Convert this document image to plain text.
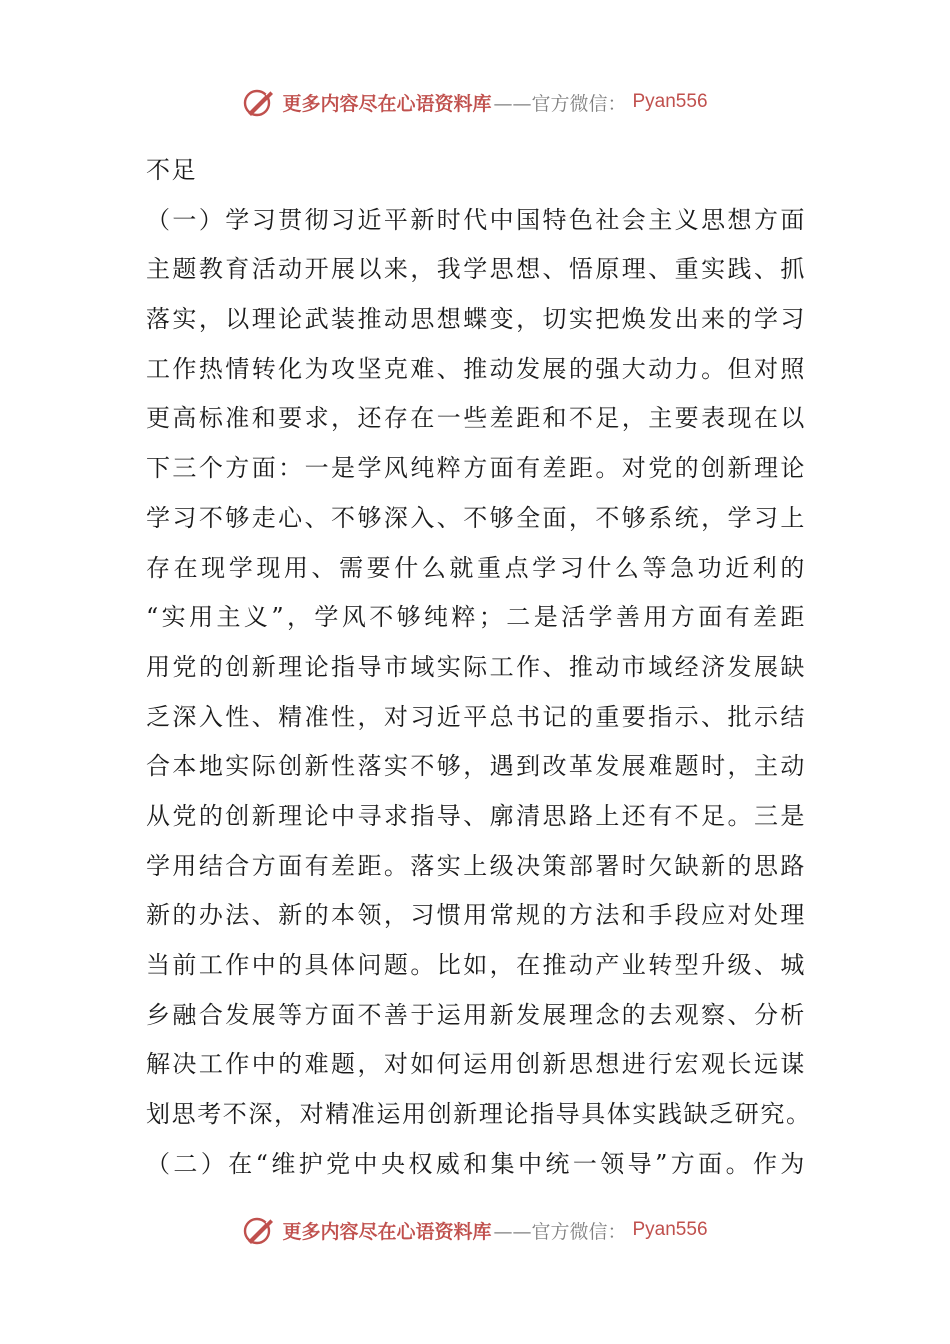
更多内容尽在心语资料库 ——官方微信： Pyan556
不足
（一）学习贯彻习近平新时代中国特色社会主义思想方面
主题教育活动开展以来，我学思想、悟原理、重实践、抓
落实，以理论武装推动思想蝶变，切实把焕发出来的学习
工作热情转化为攻坚克难、推动发展的强大动力。但对照
更高标准和要求，还存在一些差距和不足，主要表现在以
下三个方面：一是学风纯粹方面有差距。对党的创新理论
学习不够走心、不够深入、不够全面，不够系统，学习上
存在现学现用、需要什么就重点学习什么等急功近利的
“实用主义”，学风不够纯粹；二是活学善用方面有差距
用党的创新理论指导市域实际工作、推动市域经济发展缺
乏深入性、精准性，对习近平总书记的重要指示、批示结
合本地实际创新性落实不够，遇到改革发展难题时，主动
从党的创新理论中寻求指导、廓清思路上还有不足。三是
学用结合方面有差距。落实上级决策部署时欠缺新的思路
新的办法、新的本领，习惯用常规的方法和手段应对处理
当前工作中的具体问题。比如，在推动产业转型升级、城
乡融合发展等方面不善于运用新发展理念的去观察、分析
解决工作中的难题，对如何运用创新思想进行宏观长远谋
划思考不深，对精准运用创新理论指导具体实践缺乏研究。
（二）在“维护党中央权威和集中统一领导”方面。作为
更多内容尽在心语资料库 ——官方微信： Pyan556
